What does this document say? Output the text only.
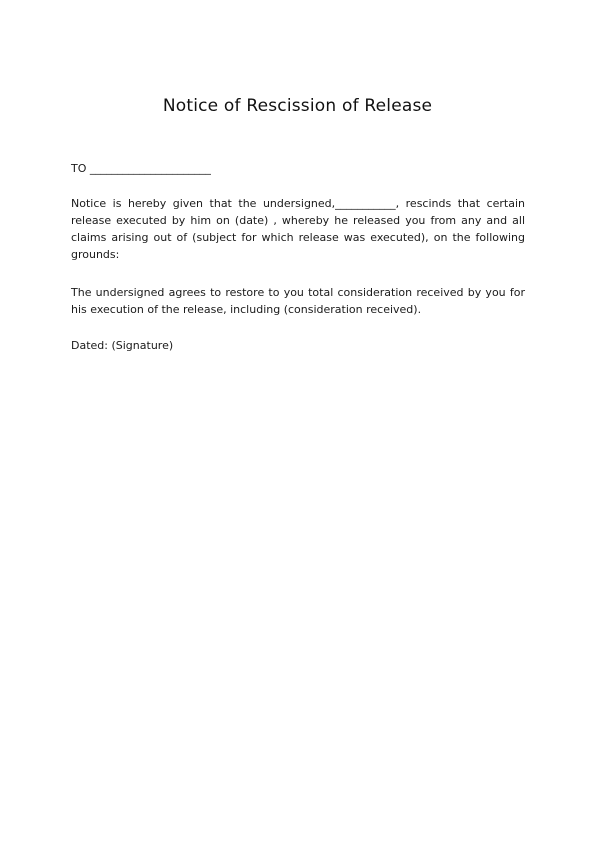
Notice of Rescission of Release
TO ______________________
Notice is hereby given that the undersigned,___________, rescinds that certain release executed by him on (date) , whereby he released you from any and all claims arising out of (subject for which release was executed), on the following grounds:
The undersigned agrees to restore to you total consideration received by you for his execution of the release, including (consideration received).
Dated: (Signature)
